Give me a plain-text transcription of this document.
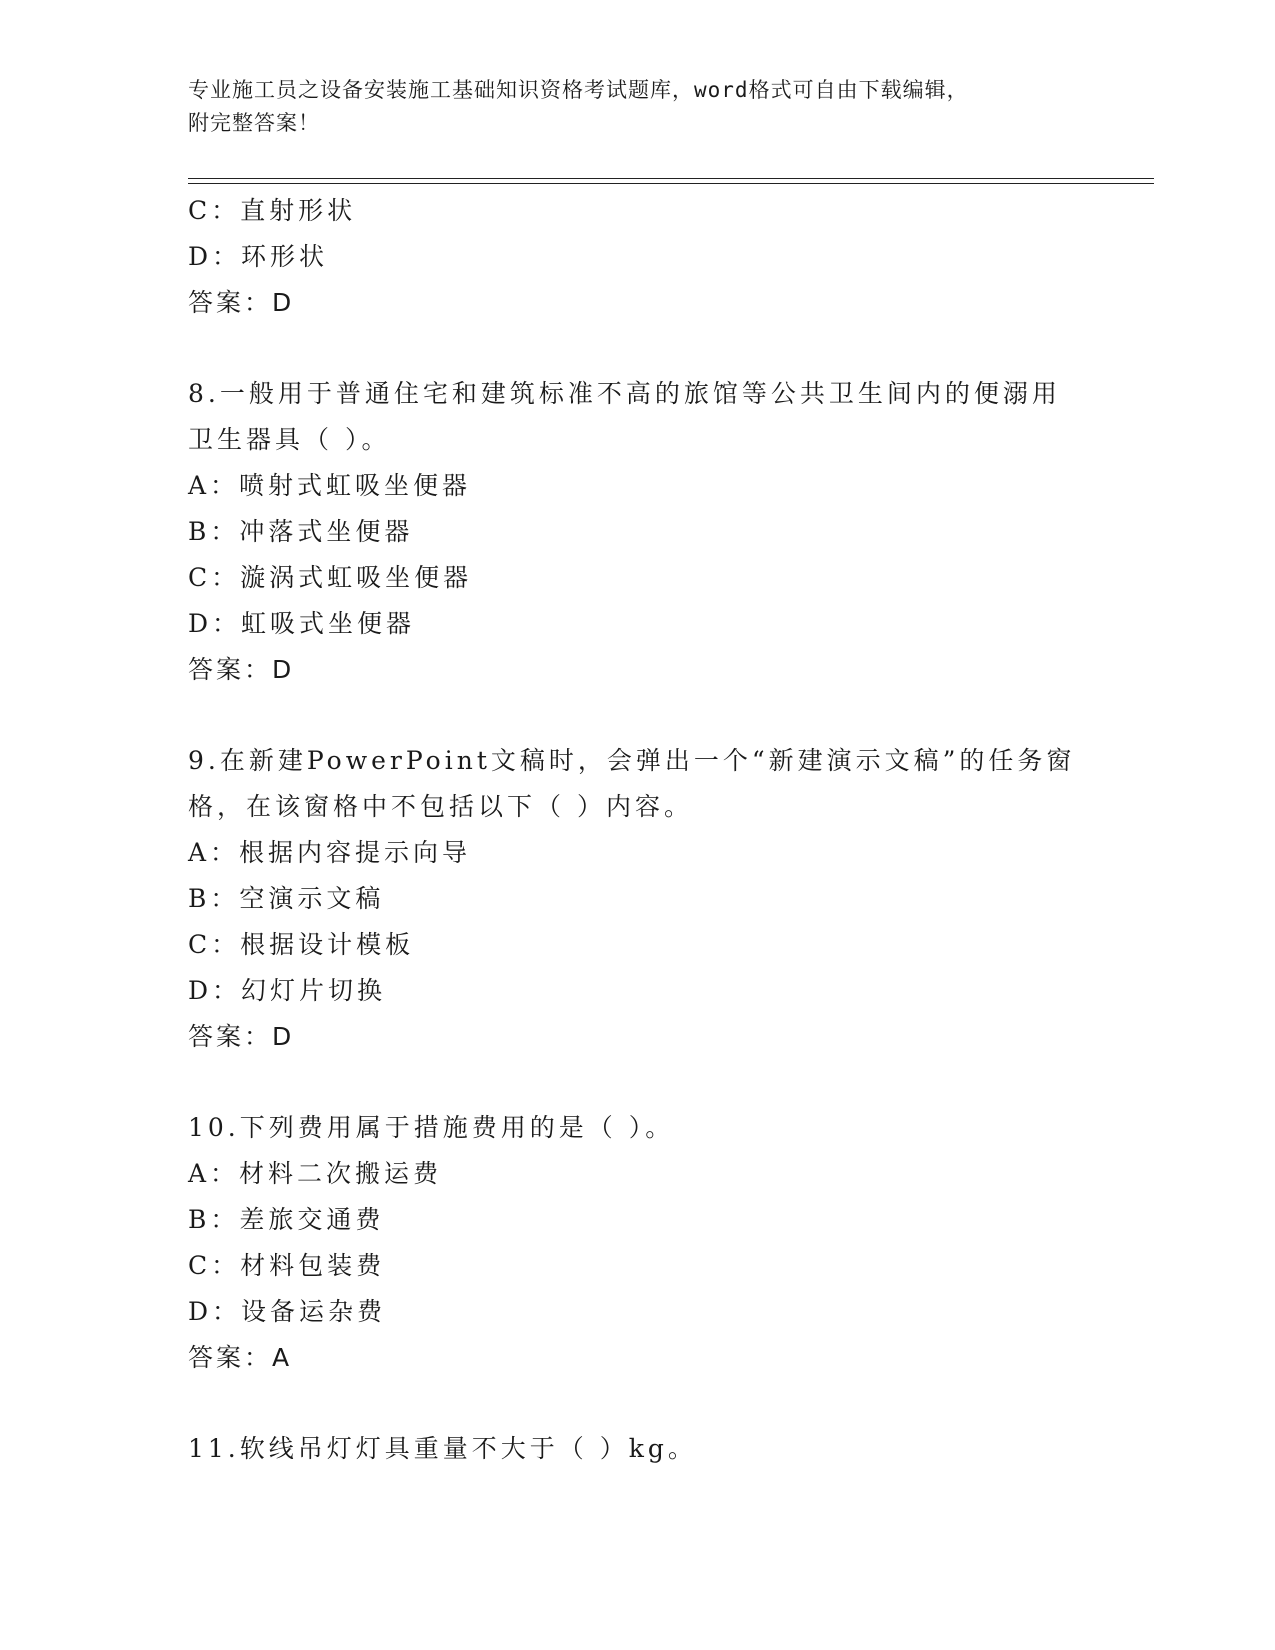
专业施工员之设备安装施工基础知识资格考试题库，word格式可自由下载编辑，
附完整答案！
C：直射形状
D：环形状
答案：D
8.一般用于普通住宅和建筑标准不高的旅馆等公共卫生间内的便溺用
卫生器具（ ）。
A：喷射式虹吸坐便器
B：冲落式坐便器
C：漩涡式虹吸坐便器
D：虹吸式坐便器
答案：D
9.在新建PowerPoint文稿时，会弹出一个“新建演示文稿”的任务窗
格，在该窗格中不包括以下（ ）内容。
A：根据内容提示向导
B：空演示文稿
C：根据设计模板
D：幻灯片切换
答案：D
10.下列费用属于措施费用的是（ ）。
A：材料二次搬运费
B：差旅交通费
C：材料包装费
D：设备运杂费
答案：A
11.软线吊灯灯具重量不大于（ ）kg。
